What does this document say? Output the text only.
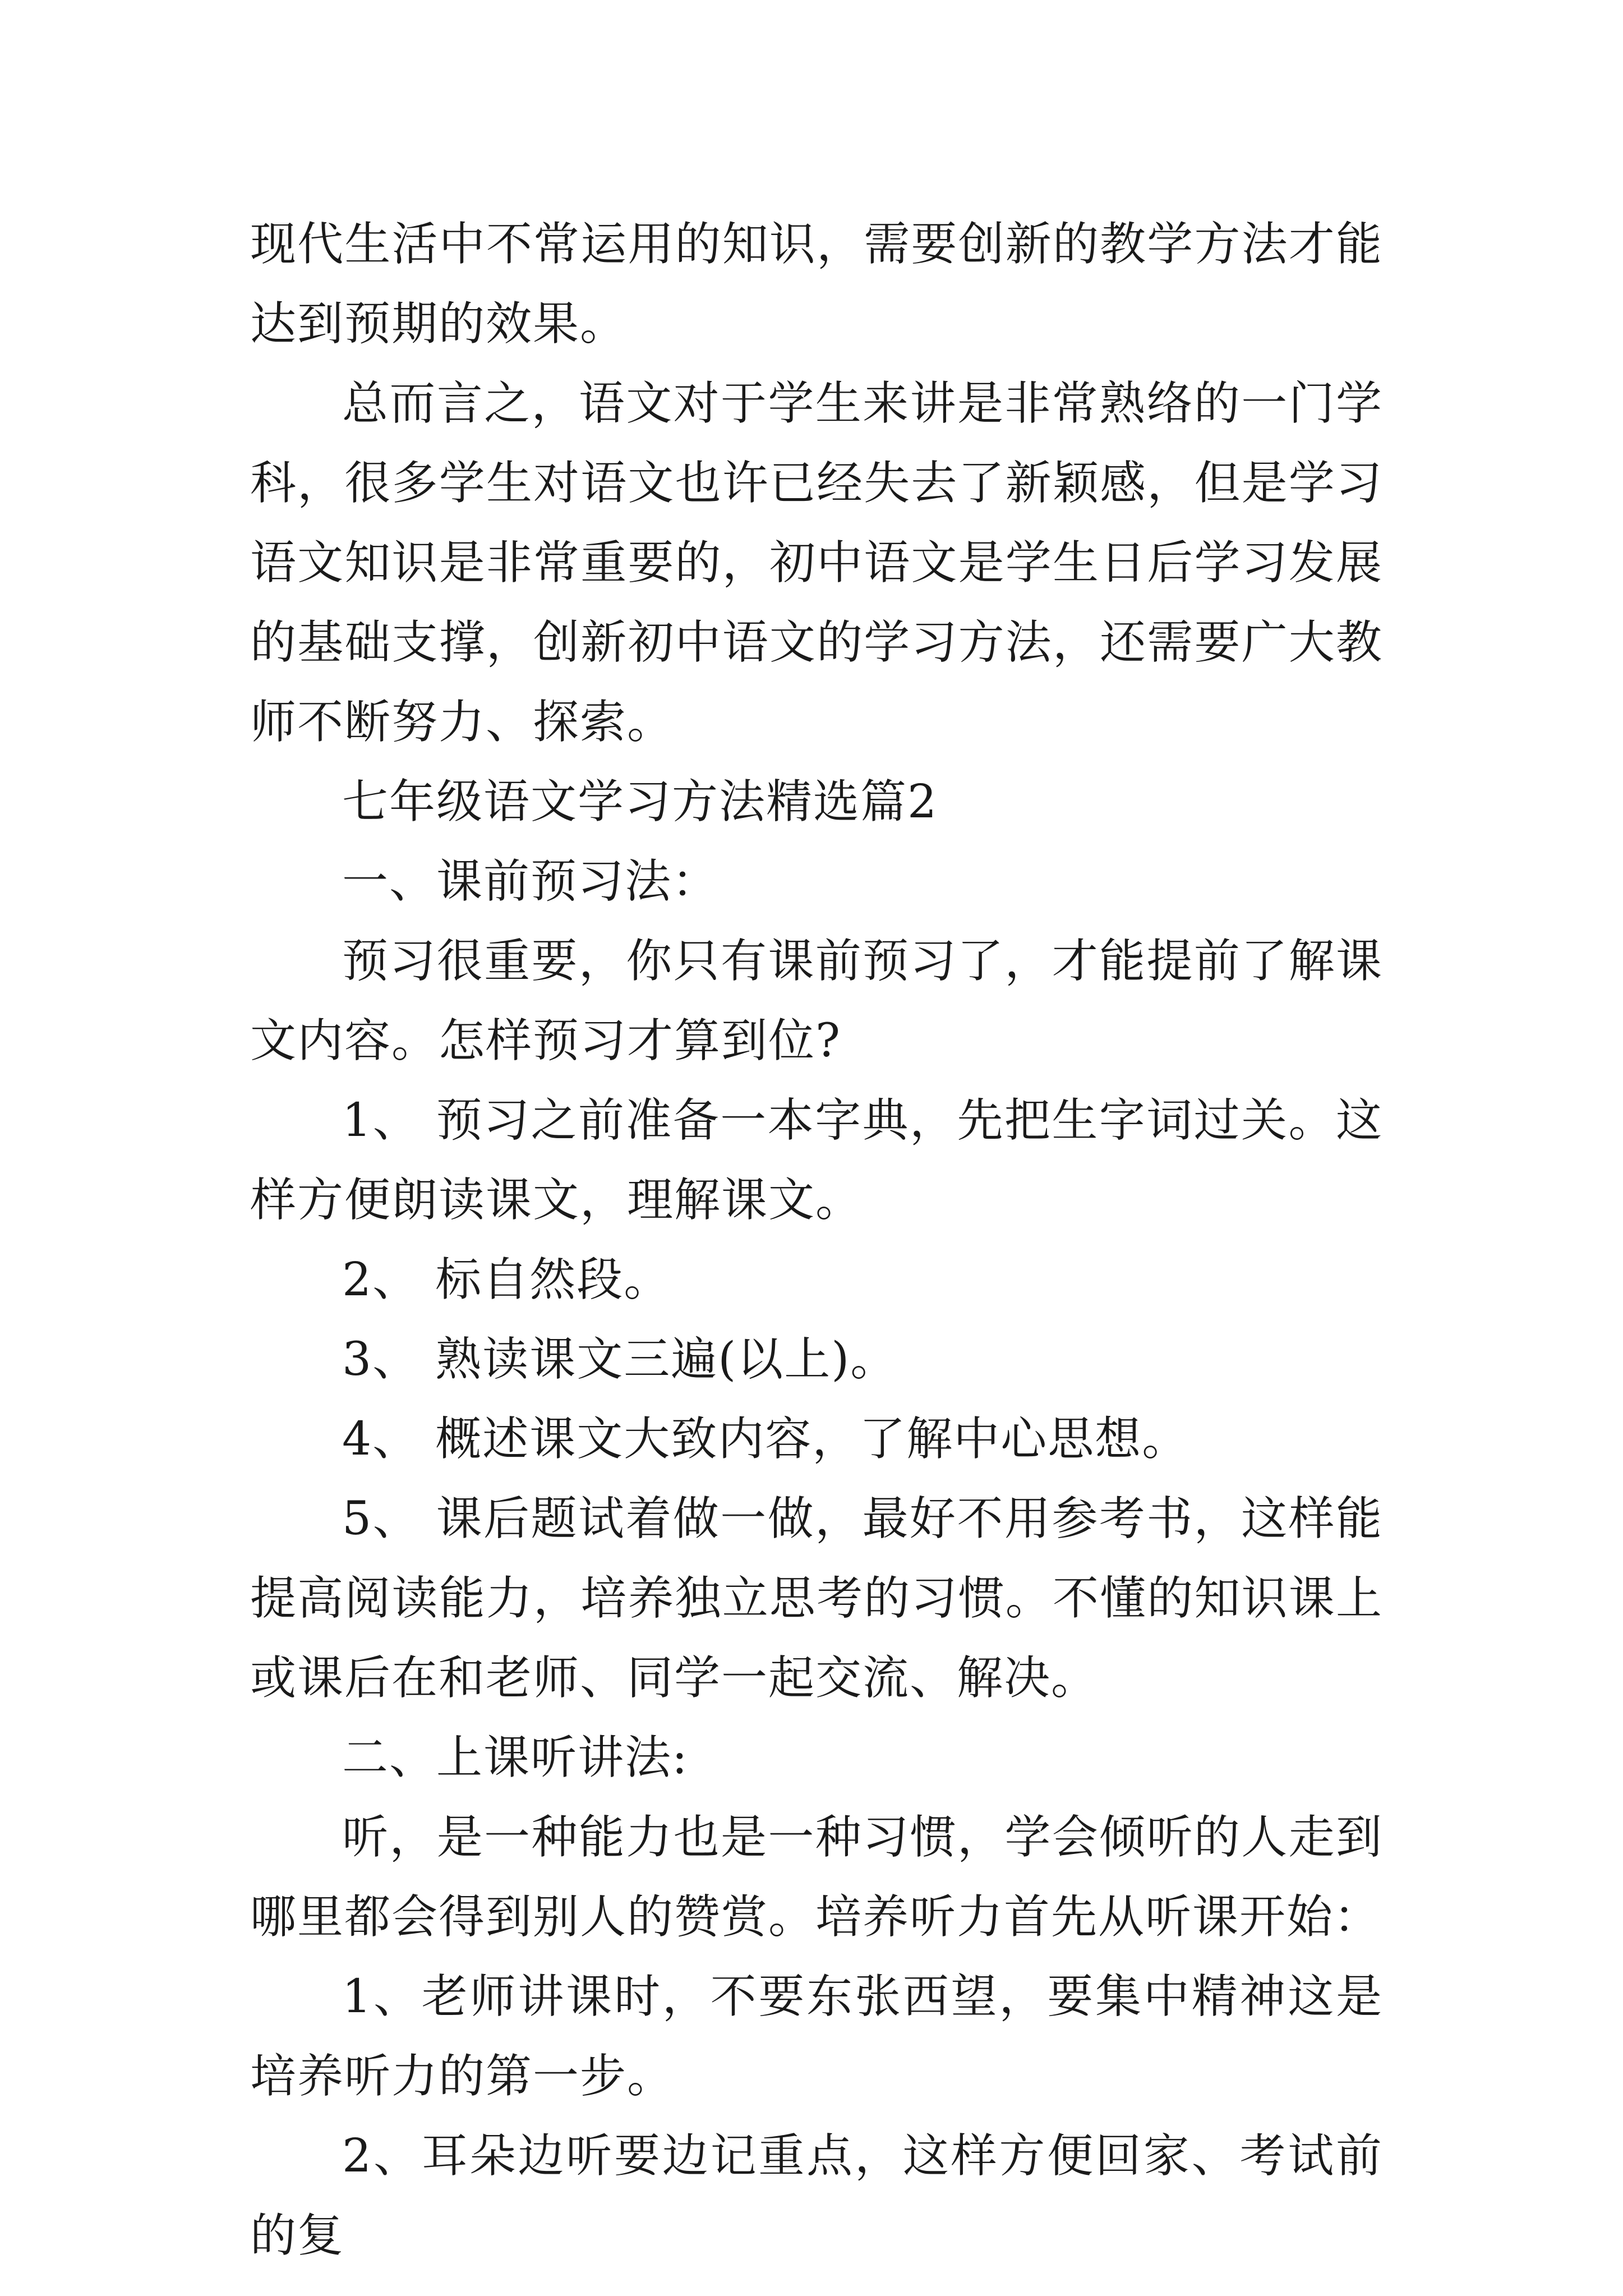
现代生活中不常运用的知识，需要创新的教学方法才能达到预期的效果。

总而言之，语文对于学生来讲是非常熟络的一门学科，很多学生对语文也许已经失去了新颖感，但是学习语文知识是非常重要的，初中语文是学生日后学习发展的基础支撑，创新初中语文的学习方法，还需要广大教师不断努力、探索。

七年级语文学习方法精选篇2

一、课前预习法：

预习很重要，你只有课前预习了，才能提前了解课文内容。怎样预习才算到位?

1、 预习之前准备一本字典，先把生字词过关。这样方便朗读课文，理解课文。

2、 标自然段。

3、 熟读课文三遍(以上)。

4、 概述课文大致内容，了解中心思想。

5、 课后题试着做一做，最好不用参考书，这样能提高阅读能力，培养独立思考的习惯。不懂的知识课上或课后在和老师、同学一起交流、解决。

二、上课听讲法:

听，是一种能力也是一种习惯，学会倾听的人走到哪里都会得到别人的赞赏。培养听力首先从听课开始：

1、老师讲课时，不要东张西望，要集中精神这是培养听力的第一步。

2、耳朵边听要边记重点，这样方便回家、考试前的复
